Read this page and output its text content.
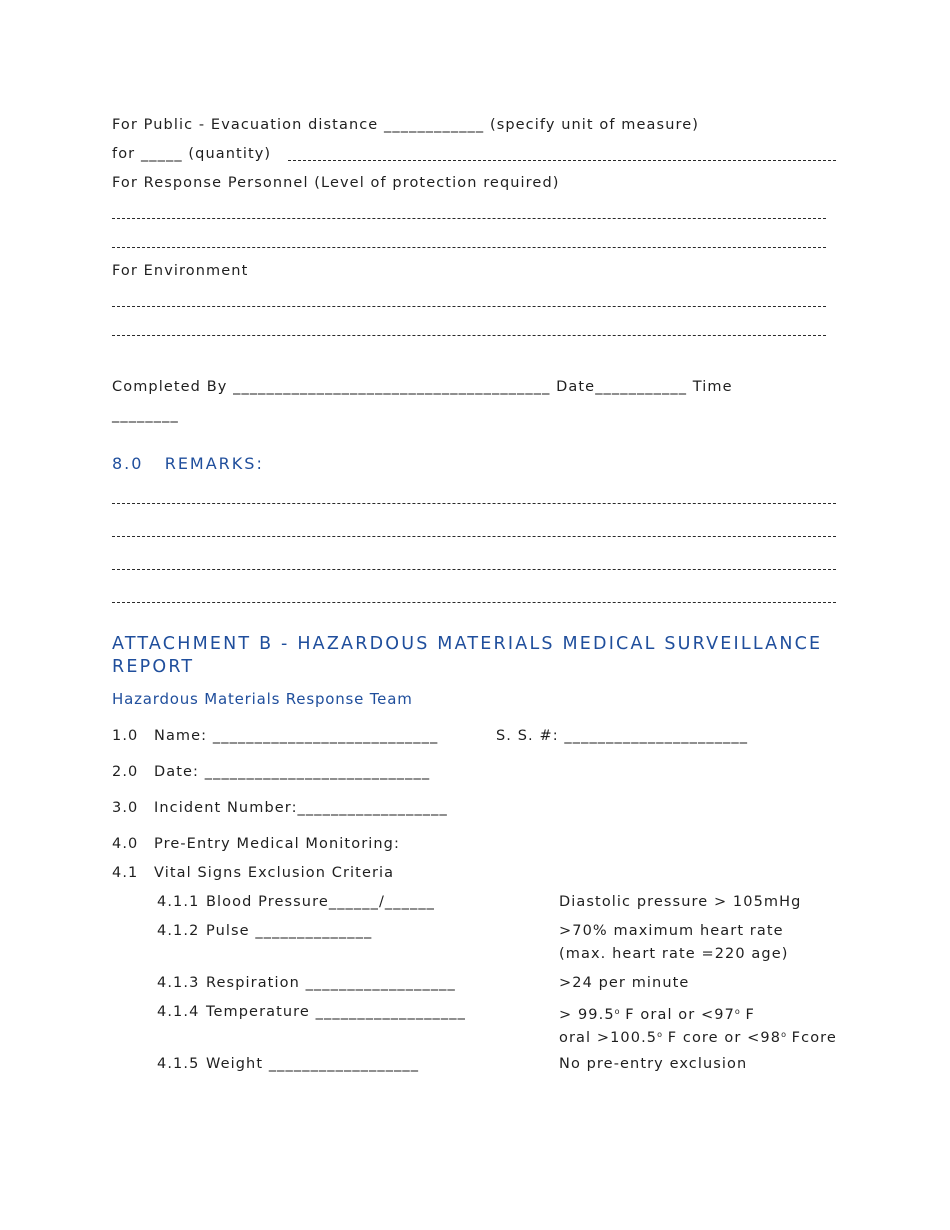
For Public - Evacuation distance ____________ (specify unit of measure)
for _____ (quantity)
For Response Personnel (Level of protection required)
For Environment
Completed By ______________________________________ Date___________ Time
________
8.0   REMARKS:
ATTACHMENT B - HAZARDOUS MATERIALS MEDICAL SURVEILLANCE REPORT
Hazardous Materials Response Team
1.0 Name: ___________________________	S. S. #: ______________________
2.0 Date: ___________________________
3.0 Incident Number:__________________
4.0 Pre-Entry Medical Monitoring:
4.1 Vital Signs Exclusion Criteria
4.1.1 Blood Pressure______/______	Diastolic pressure > 105mHg
4.1.2 Pulse ______________	>70% maximum heart rate
(max. heart rate =220 age)
4.1.3 Respiration __________________	>24 per minute
4.1.4 Temperature __________________	> $99.5^o$ F oral or $<97^o$ F
oral $>100.5^o$ F core or $<98^o$ Fcore
4.1.5 Weight __________________	No pre-entry exclusion
